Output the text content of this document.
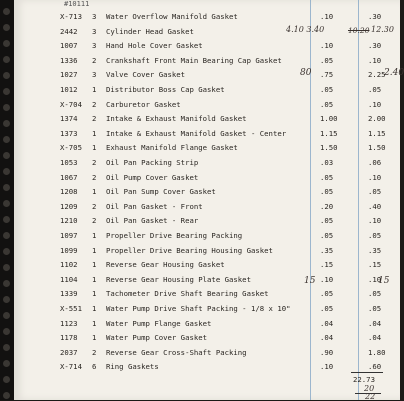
#10111
X-713 3 Water Overflow Manifold Gasket	.10	.30
2442 3 Cylinder Head Gasket
1007 3 Hand Hole Cover Gasket	.10	.30
1336 2 Crankshaft Front Main Bearing Cap Gasket	.05	.10
1027 3 Valve Cover Gasket	.75	2.25
1012 1 Distributor Boss Cap Gasket	.05	.05
X-704 2 Carburetor Gasket	.05	.10
1374 2 Intake & Exhaust Manifold Gasket	1.00	2.00
1373 1 Intake & Exhaust Manifold Gasket - Center	1.15	1.15
X-705 1 Exhaust Manifold Flange Gasket	1.50	1.50
1053 2 Oil Pan Packing Strip	.03	.06
1067 2 Oil Pump Cover Gasket	.05	.10
1208 1 Oil Pan Sump Cover Gasket	.05	.05
1209 2 Oil Pan Gasket - Front	.20	.40
1210 2 Oil Pan Gasket - Rear	.05	.10
1097 1 Propeller Drive Bearing Packing	.05	.05
1099 1 Propeller Drive Bearing Housing Gasket	.35	.35
1102 1 Reverse Gear Housing Gasket	.15	.15
1104 1 Reverse Gear Housing Plate Gasket	.10	.10
1339 1 Tachometer Drive Shaft Bearing Gasket	.05	.05
X-551 1 Water Pump Drive Shaft Packing - 1/8 x 10"	.05	.05
1123 1 Water Pump Flange Gasket	.04	.04
1178 1 Water Pump Cover Gasket	.04	.04
2037 2 Reverse Gear Cross-Shaft Packing	.90	1.80
X-714 6 Ring Gaskets	.10	.60
4.10 3.40	10.20 12.30
80	2.40
15	15
22.73
20
22
